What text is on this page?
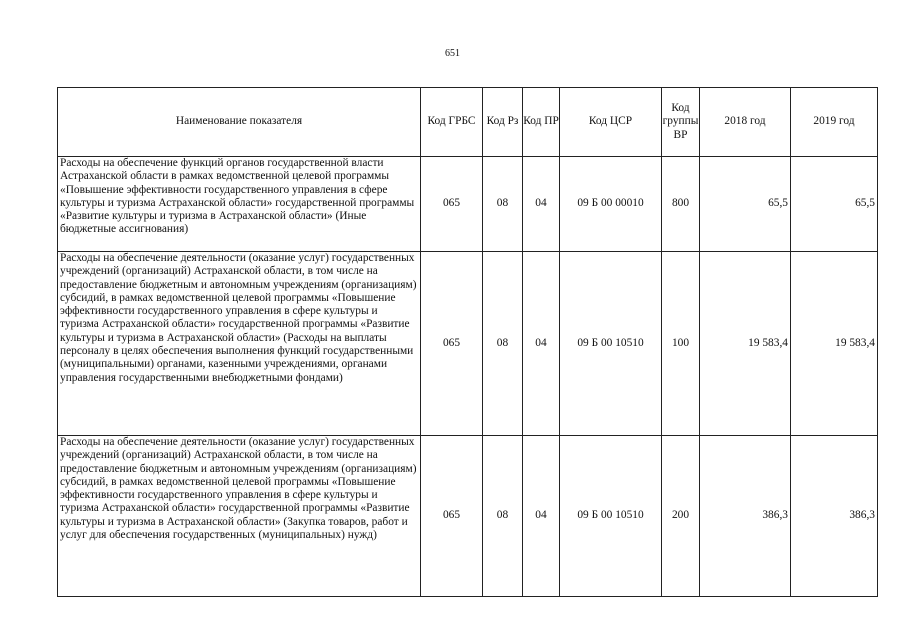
651
Наименование показателя	Код ГРБС	Код Рз	Код ПР	Код ЦСР	Код группы ВР	2018 год	2019 год
Расходы на обеспечение функций органов государственной власти Астраханской области в рамках ведомственной целевой программы «Повышение эффективности государственного управления в сфере культуры и туризма Астраханской области» государственной программы «Развитие культуры и туризма в Астраханской области» (Иные бюджетные ассигнования)	065	08	04	09 Б 00 00010	800	65,5	65,5
Расходы на обеспечение деятельности (оказание услуг) государственных учреждений (организаций) Астраханской области, в том числе на предоставление бюджетным и автономным учреждениям (организациям) субсидий, в рамках ведомственной целевой программы «Повышение эффективности государственного управления в сфере культуры и туризма Астраханской области» государственной программы «Развитие культуры и туризма в Астраханской области» (Расходы на выплаты персоналу в целях обеспечения выполнения функций государственными (муниципальными) органами, казенными учреждениями, органами управления государственными внебюджетными фондами)	065	08	04	09 Б 00 10510	100	19 583,4	19 583,4
Расходы на обеспечение деятельности (оказание услуг) государственных учреждений (организаций) Астраханской области, в том числе на предоставление бюджетным и автономным учреждениям (организациям) субсидий, в рамках ведомственной целевой программы «Повышение эффективности государственного управления в сфере культуры и туризма Астраханской области» государственной программы «Развитие культуры и туризма в Астраханской области» (Закупка товаров, работ и услуг для обеспечения государственных (муниципальных) нужд)	065	08	04	09 Б 00 10510	200	386,3	386,3
